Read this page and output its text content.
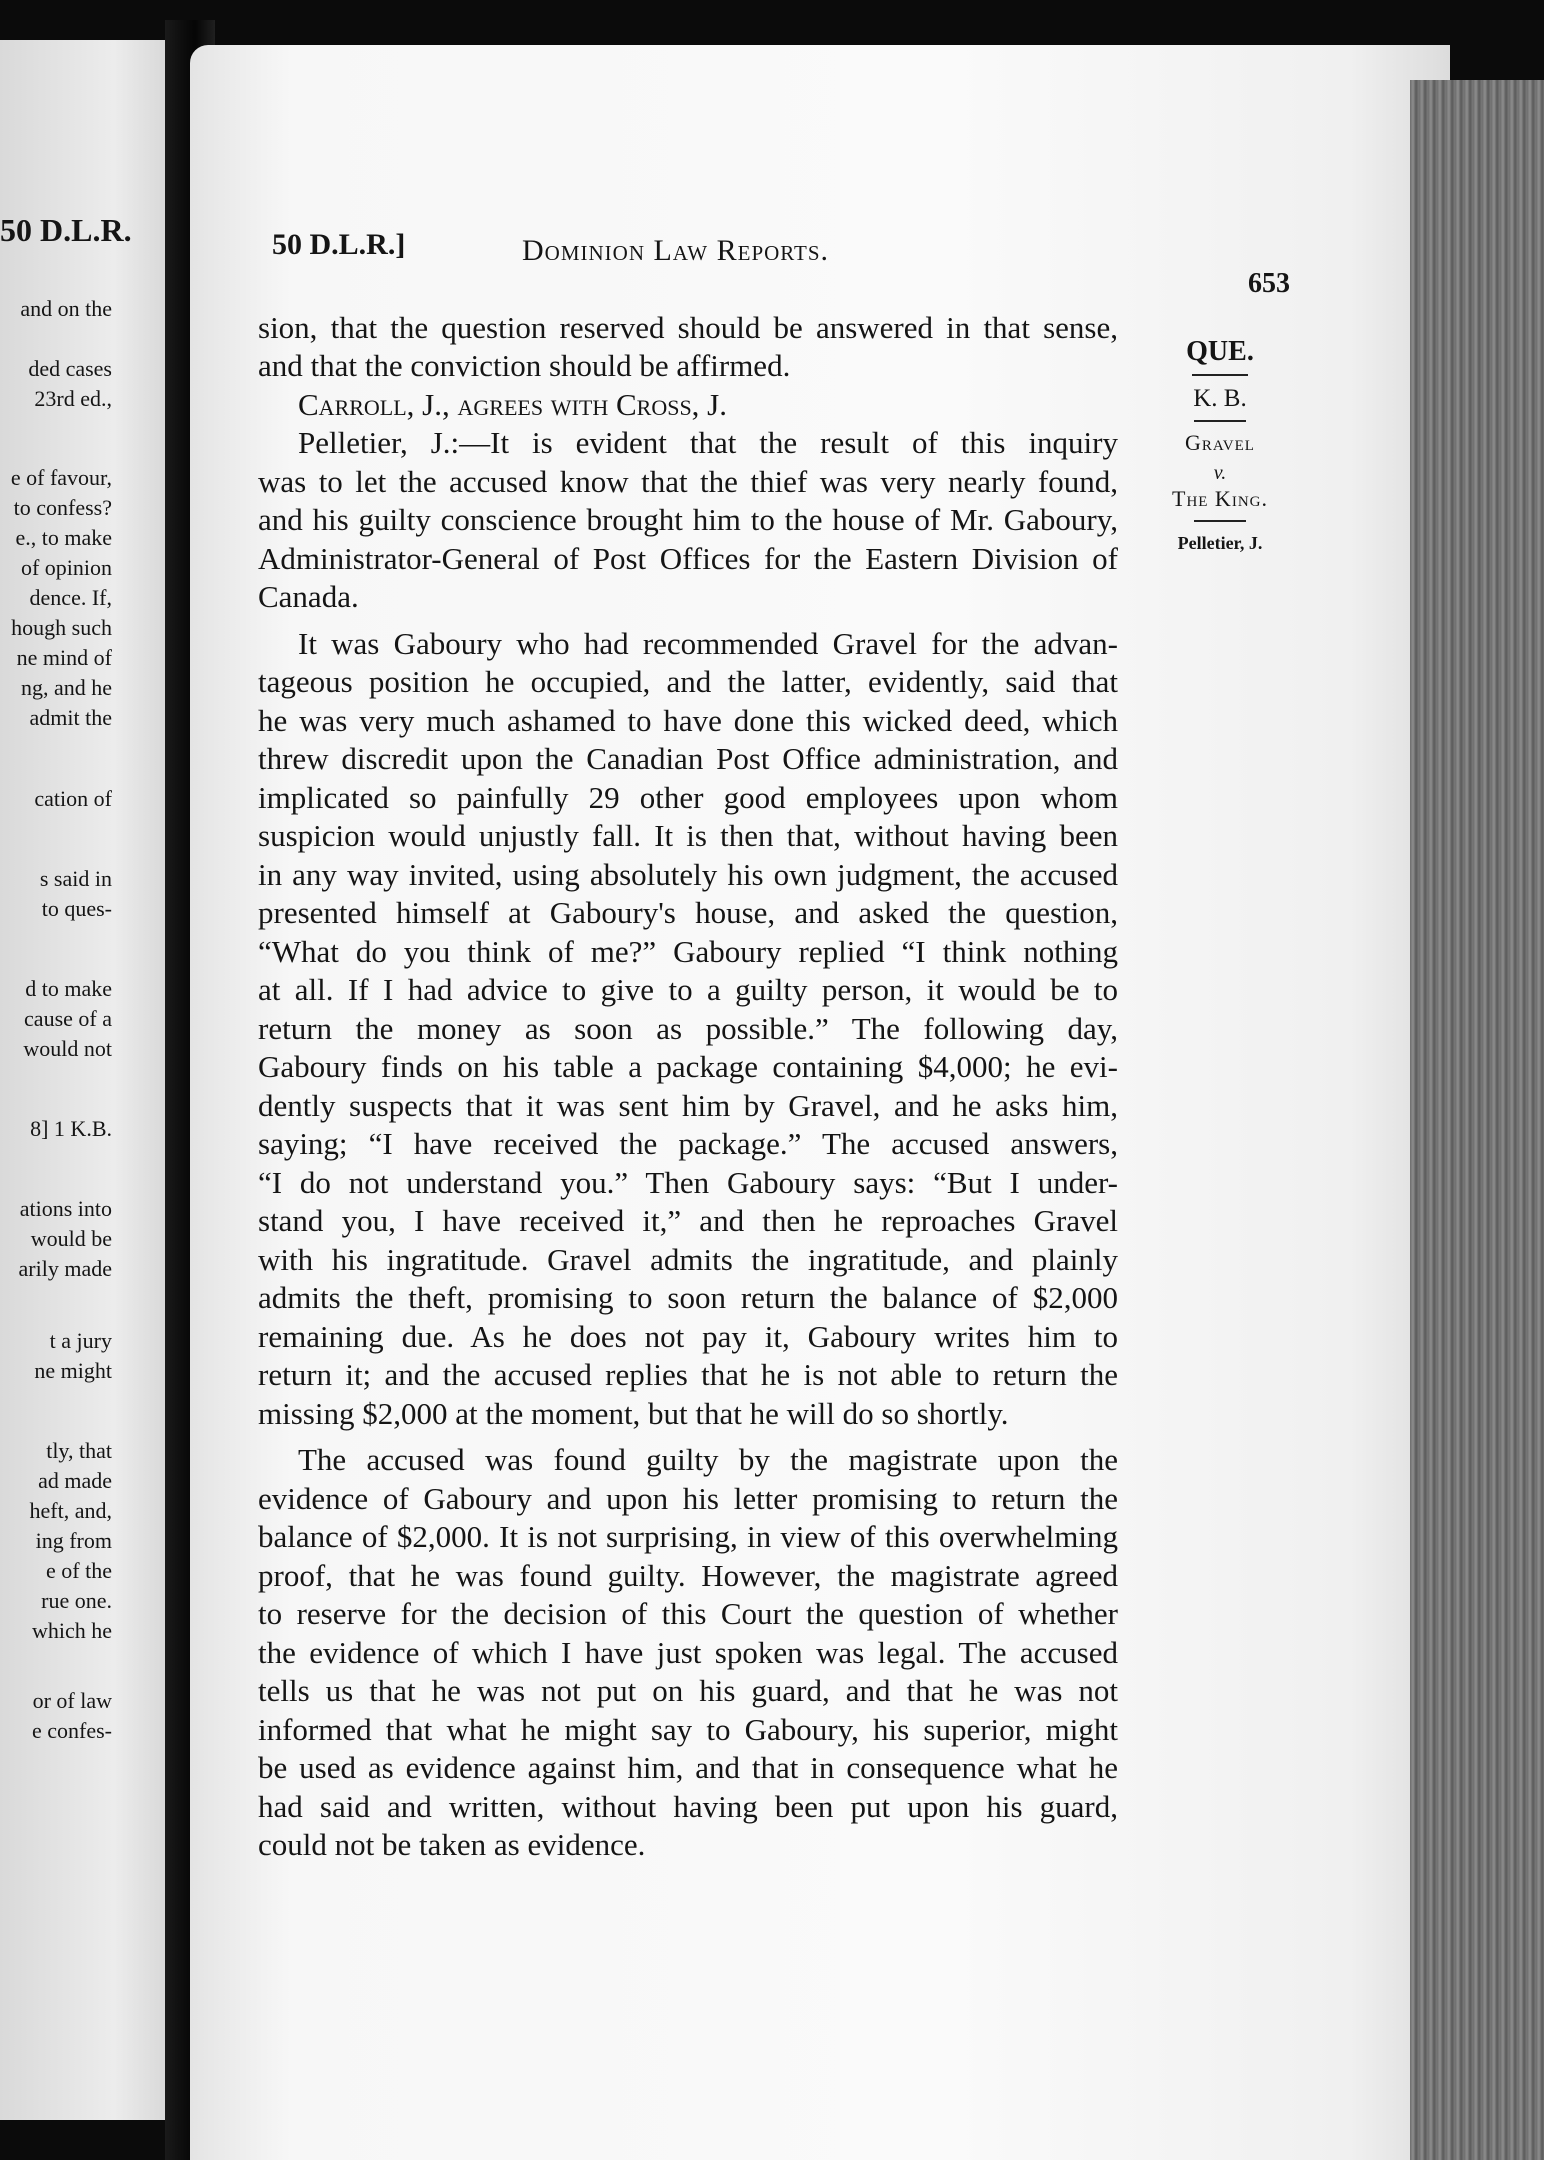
50 D.L.R.
and on the
ded cases
23rd ed.,
e of favour,
to confess?
e., to make
of opinion
dence. If,
hough such
ne mind of
ng, and he
admit the
cation of
s said in
to ques-
d to make
cause of a
would not
8] 1 K.B.
ations into
would be
arily made
t a jury
ne might
tly, that
ad made
heft, and,
ing from
e of the
rue one.
which he
or of law
e confes-
50 D.L.R.]	Dominion Law Reports.
653
QUE.
K. B.
Gravel
v.
The King.
Pelletier, J.
sion, that the question reserved should be answered in that sense,
and that the conviction should be affirmed.
Carroll, J., agrees with Cross, J.
Pelletier, J.:—It is evident that the result of this inquiry
was to let the accused know that the thief was very nearly found,
and his guilty conscience brought him to the house of Mr. Gaboury,
Administrator-General of Post Offices for the Eastern Division of
Canada.
It was Gaboury who had recommended Gravel for the advan-
tageous position he occupied, and the latter, evidently, said that
he was very much ashamed to have done this wicked deed, which
threw discredit upon the Canadian Post Office administration, and
implicated so painfully 29 other good employees upon whom
suspicion would unjustly fall. It is then that, without having been
in any way invited, using absolutely his own judgment, the accused
presented himself at Gaboury's house, and asked the question,
“What do you think of me?” Gaboury replied “I think nothing
at all. If I had advice to give to a guilty person, it would be to
return the money as soon as possible.” The following day,
Gaboury finds on his table a package containing $4,000; he evi-
dently suspects that it was sent him by Gravel, and he asks him,
saying; “I have received the package.” The accused answers,
“I do not understand you.” Then Gaboury says: “But I under-
stand you, I have received it,” and then he reproaches Gravel
with his ingratitude. Gravel admits the ingratitude, and plainly
admits the theft, promising to soon return the balance of $2,000
remaining due. As he does not pay it, Gaboury writes him to
return it; and the accused replies that he is not able to return the
missing $2,000 at the moment, but that he will do so shortly.
The accused was found guilty by the magistrate upon the
evidence of Gaboury and upon his letter promising to return the
balance of $2,000. It is not surprising, in view of this overwhelming
proof, that he was found guilty. However, the magistrate agreed
to reserve for the decision of this Court the question of whether
the evidence of which I have just spoken was legal. The accused
tells us that he was not put on his guard, and that he was not
informed that what he might say to Gaboury, his superior, might
be used as evidence against him, and that in consequence what he
had said and written, without having been put upon his guard,
could not be taken as evidence.
